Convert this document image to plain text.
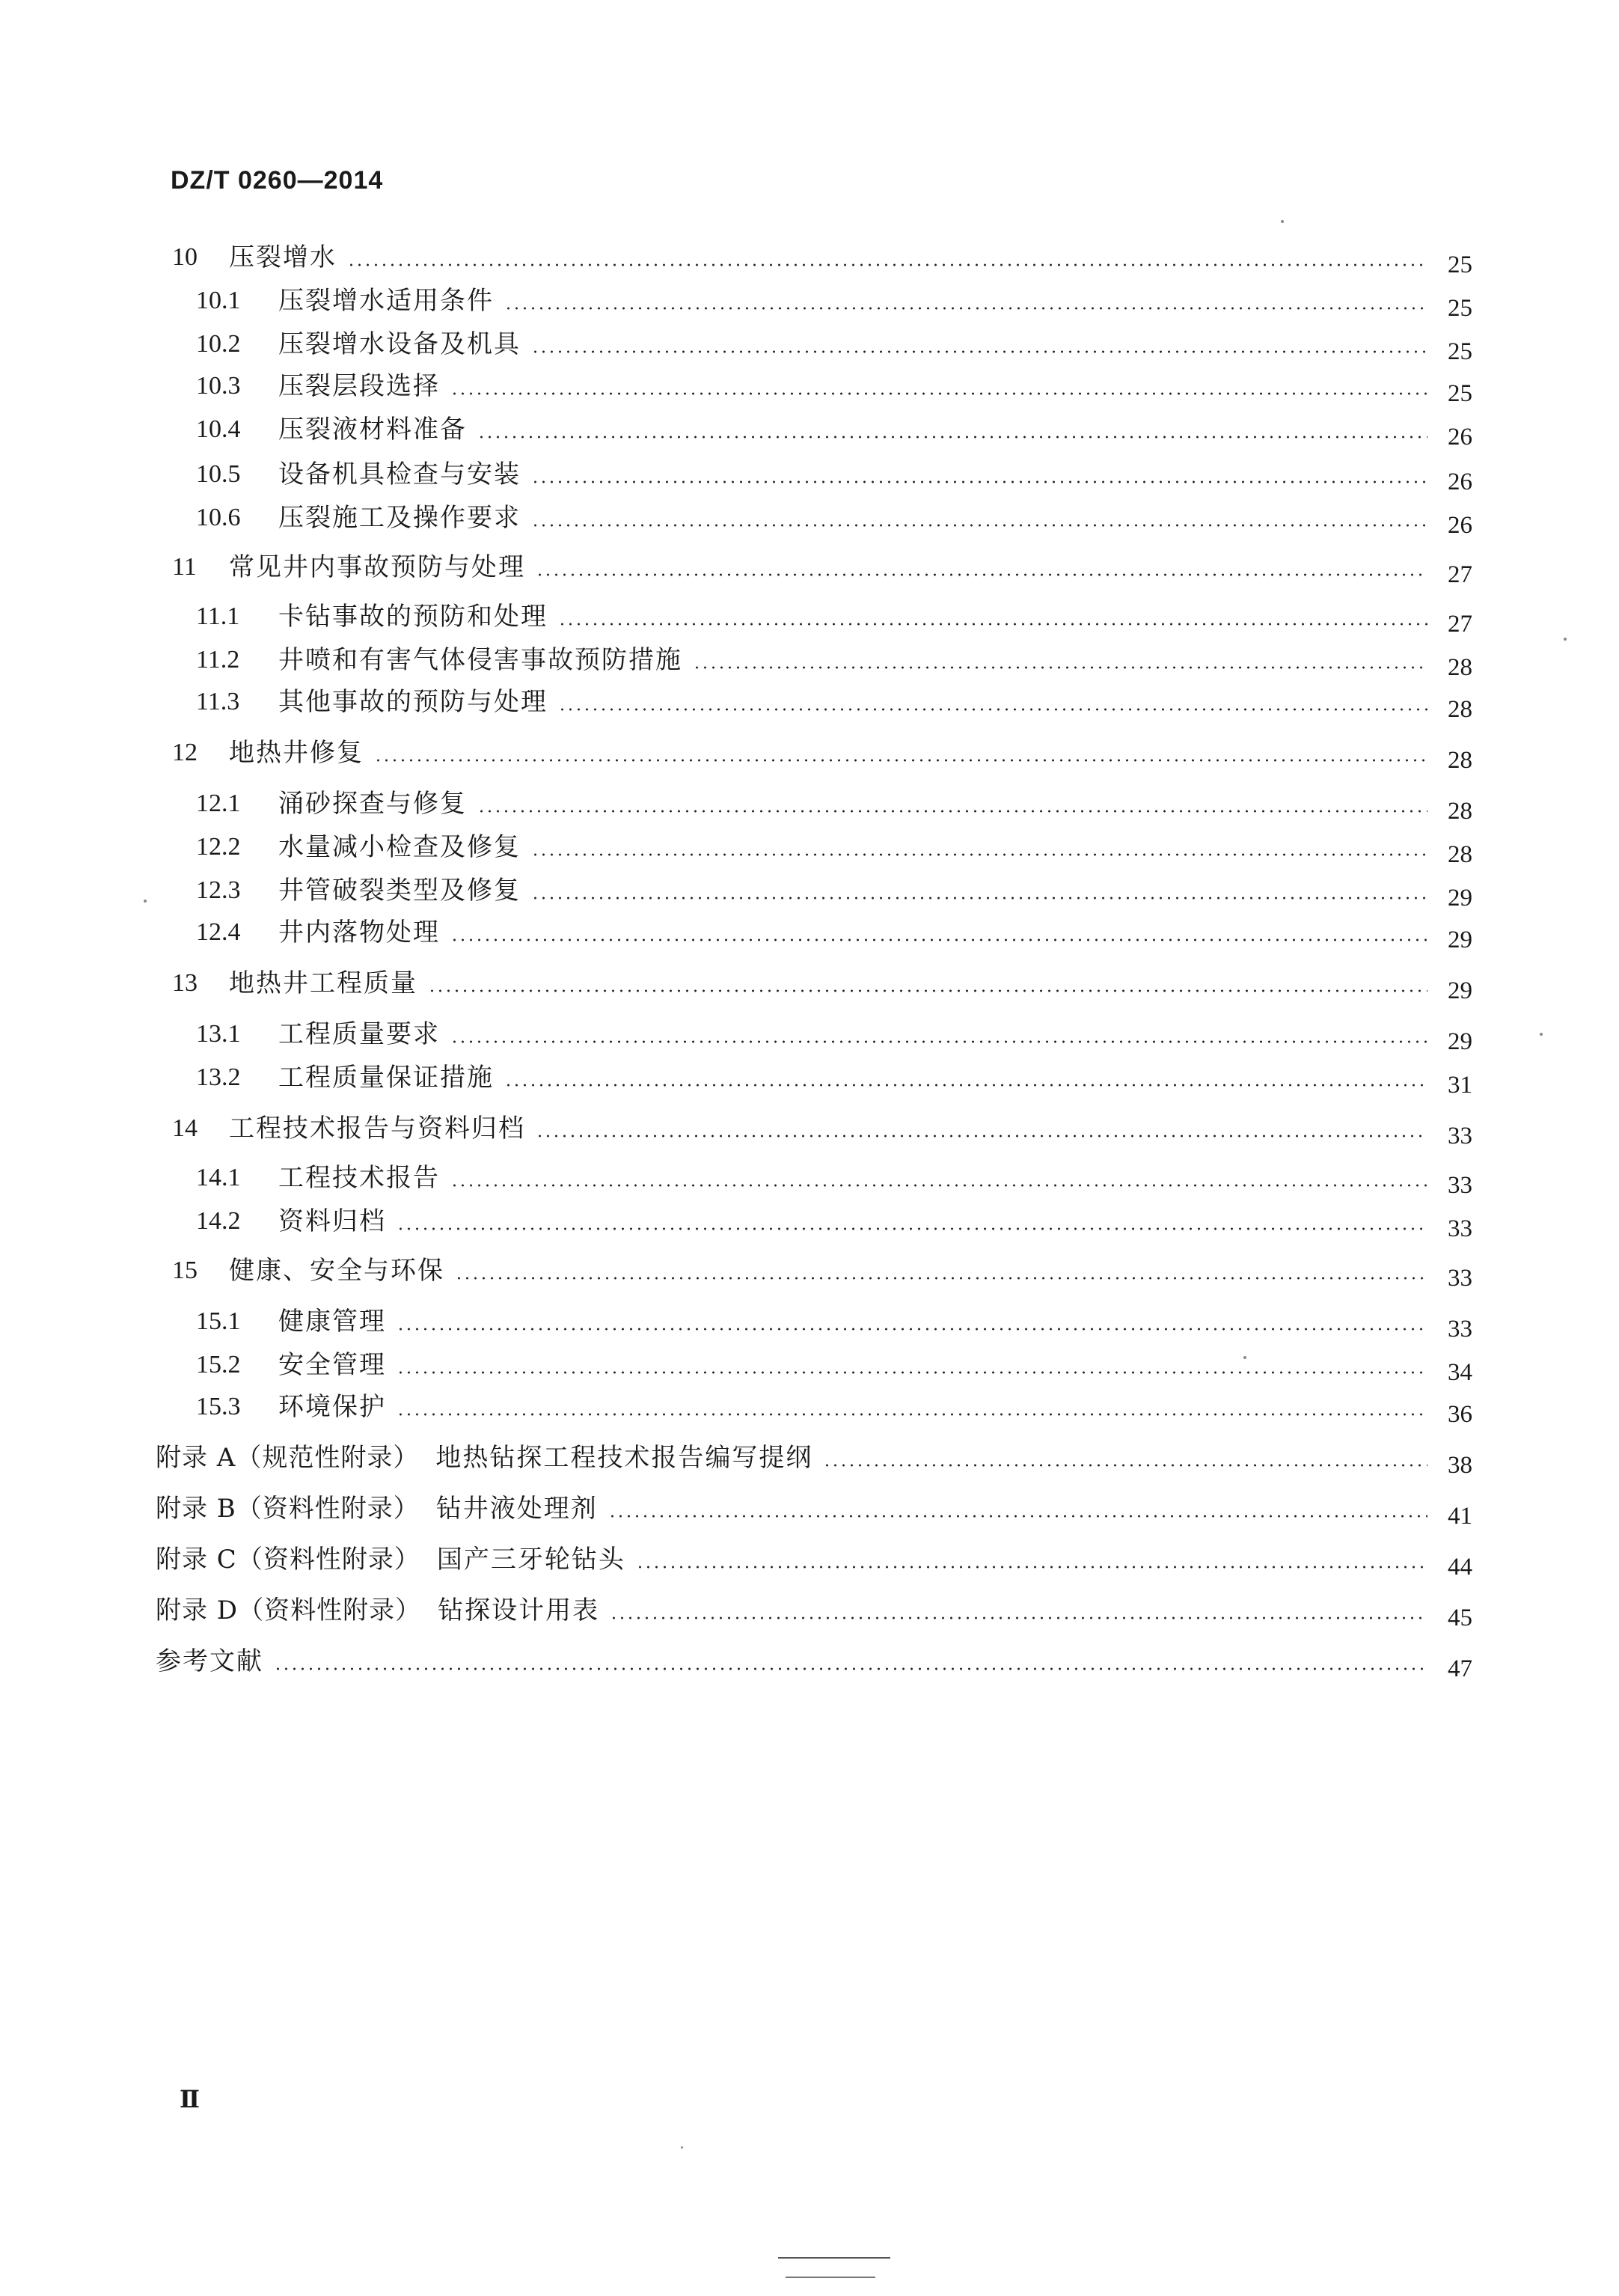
DZ/T 0260—2014
10	压裂增水	25
10.1	压裂增水适用条件	25
10.2	压裂增水设备及机具	25
10.3	压裂层段选择	25
10.4	压裂液材料准备	26
10.5	设备机具检查与安装	26
10.6	压裂施工及操作要求	26
11	常见井内事故预防与处理	27
11.1	卡钻事故的预防和处理	27
11.2	井喷和有害气体侵害事故预防措施	28
11.3	其他事故的预防与处理	28
12	地热井修复	28
12.1	涌砂探查与修复	28
12.2	水量减小检查及修复	28
12.3	井管破裂类型及修复	29
12.4	井内落物处理	29
13	地热井工程质量	29
13.1	工程质量要求	29
13.2	工程质量保证措施	31
14	工程技术报告与资料归档	33
14.1	工程技术报告	33
14.2	资料归档	33
15	健康、安全与环保	33
15.1	健康管理	33
15.2	安全管理	34
15.3	环境保护	36
附录 A（规范性附录） 地热钻探工程技术报告编写提纲	38
附录 B（资料性附录） 钻井液处理剂	41
附录 C（资料性附录） 国产三牙轮钻头	44
附录 D（资料性附录） 钻探设计用表	45
参考文献	47
Ⅱ
